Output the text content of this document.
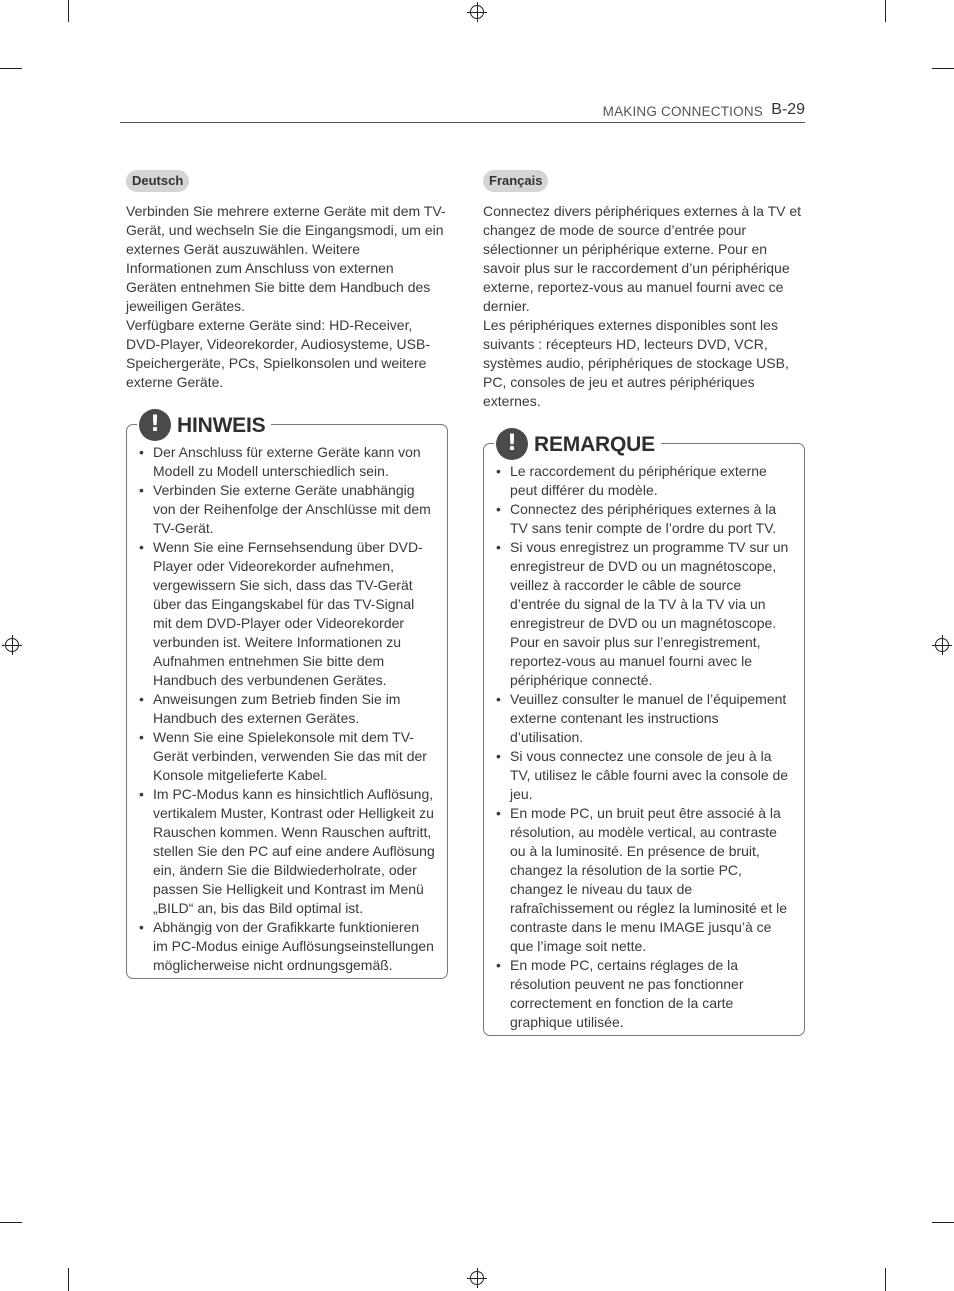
MAKING CONNECTIONS B-29
Deutsch

Verbinden Sie mehrere externe Geräte mit dem TV-Gerät, und wechseln Sie die Eingangsmodi, um ein externes Gerät auszuwählen. Weitere Informationen zum Anschluss von externen Geräten entnehmen Sie bitte dem Handbuch des jeweiligen Gerätes.

Verfügbare externe Geräte sind: HD-Receiver, DVD-Player, Videorekorder, Audiosysteme, USB-Speichergeräte, PCs, Spielkonsolen und weitere externe Geräte.

! HINWEIS
• Der Anschluss für externe Geräte kann von Modell zu Modell unterschiedlich sein.
• Verbinden Sie externe Geräte unabhängig von der Reihenfolge der Anschlüsse mit dem TV-Gerät.
• Wenn Sie eine Fernsehsendung über DVD-Player oder Videorekorder aufnehmen, vergewissern Sie sich, dass das TV-Gerät über das Eingangskabel für das TV-Signal mit dem DVD-Player oder Videorekorder verbunden ist. Weitere Informationen zu Aufnahmen entnehmen Sie bitte dem Handbuch des verbundenen Gerätes.
• Anweisungen zum Betrieb finden Sie im Handbuch des externen Gerätes.
• Wenn Sie eine Spielekonsole mit dem TV-Gerät verbinden, verwenden Sie das mit der Konsole mitgelieferte Kabel.
• Im PC-Modus kann es hinsichtlich Auflösung, vertikalem Muster, Kontrast oder Helligkeit zu Rauschen kommen. Wenn Rauschen auftritt, stellen Sie den PC auf eine andere Auflösung ein, ändern Sie die Bildwiederholrate, oder passen Sie Helligkeit und Kontrast im Menü „BILD“ an, bis das Bild optimal ist.
• Abhängig von der Grafikkarte funktionieren im PC-Modus einige Auflösungseinstellungen möglicherweise nicht ordnungsgemäß.
Français

Connectez divers périphériques externes à la TV et changez de mode de source d’entrée pour sélectionner un périphérique externe. Pour en savoir plus sur le raccordement d’un périphérique externe, reportez-vous au manuel fourni avec ce dernier.

Les périphériques externes disponibles sont les suivants : récepteurs HD, lecteurs DVD, VCR, systèmes audio, périphériques de stockage USB, PC, consoles de jeu et autres périphériques externes.

! REMARQUE
• Le raccordement du périphérique externe peut différer du modèle.
• Connectez des périphériques externes à la TV sans tenir compte de l’ordre du port TV.
• Si vous enregistrez un programme TV sur un enregistreur de DVD ou un magnétoscope, veillez à raccorder le câble de source d’entrée du signal de la TV à la TV via un enregistreur de DVD ou un magnétoscope. Pour en savoir plus sur l’enregistrement, reportez-vous au manuel fourni avec le périphérique connecté.
• Veuillez consulter le manuel de l’équipement externe contenant les instructions d’utilisation.
• Si vous connectez une console de jeu à la TV, utilisez le câble fourni avec la console de jeu.
• En mode PC, un bruit peut être associé à la résolution, au modèle vertical, au contraste ou à la luminosité. En présence de bruit, changez la résolution de la sortie PC, changez le niveau du taux de rafraîchissement ou réglez la luminosité et le contraste dans le menu IMAGE jusqu’à ce que l’image soit nette.
• En mode PC, certains réglages de la résolution peuvent ne pas fonctionner correctement en fonction de la carte graphique utilisée.
